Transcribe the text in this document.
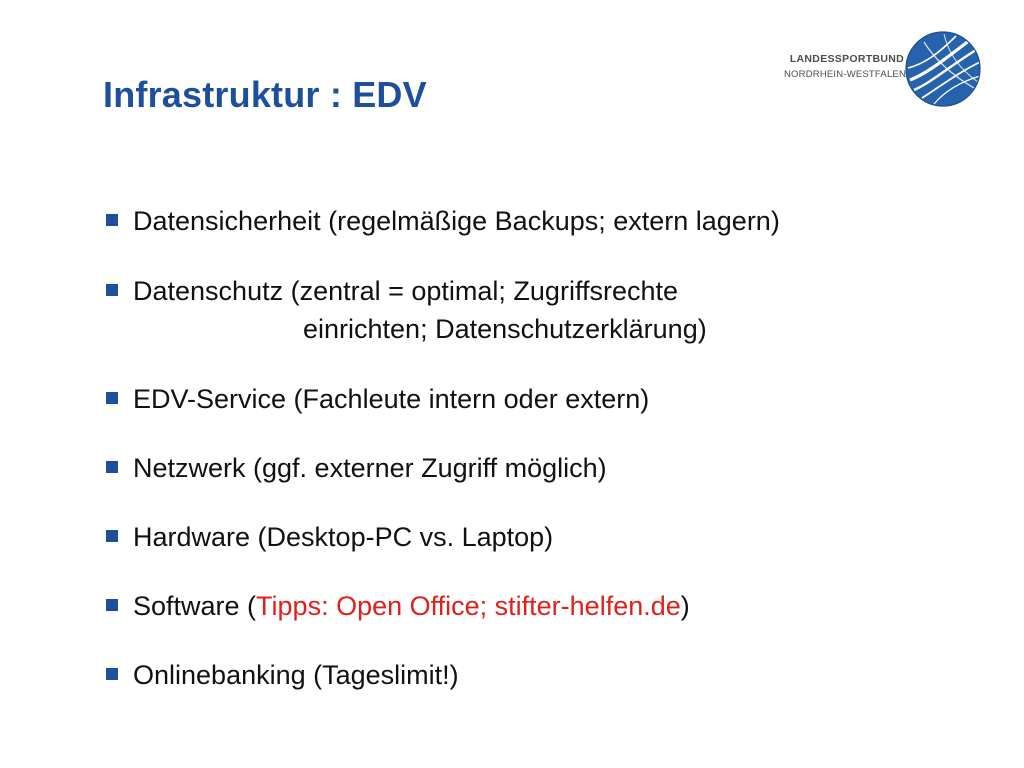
Infrastruktur : EDV
LANDESSPORTBUND
NORDRHEIN-WESTFALEN
Datensicherheit (regelmäßige Backups; extern lagern)
Datenschutz (zentral = optimal; Zugriffsrechte
einrichten; Datenschutzerklärung)
EDV-Service (Fachleute intern oder extern)
Netzwerk (ggf. externer Zugriff möglich)
Hardware (Desktop-PC vs. Laptop)
Software (Tipps: Open Office; stifter-helfen.de)
Onlinebanking (Tageslimit!)
